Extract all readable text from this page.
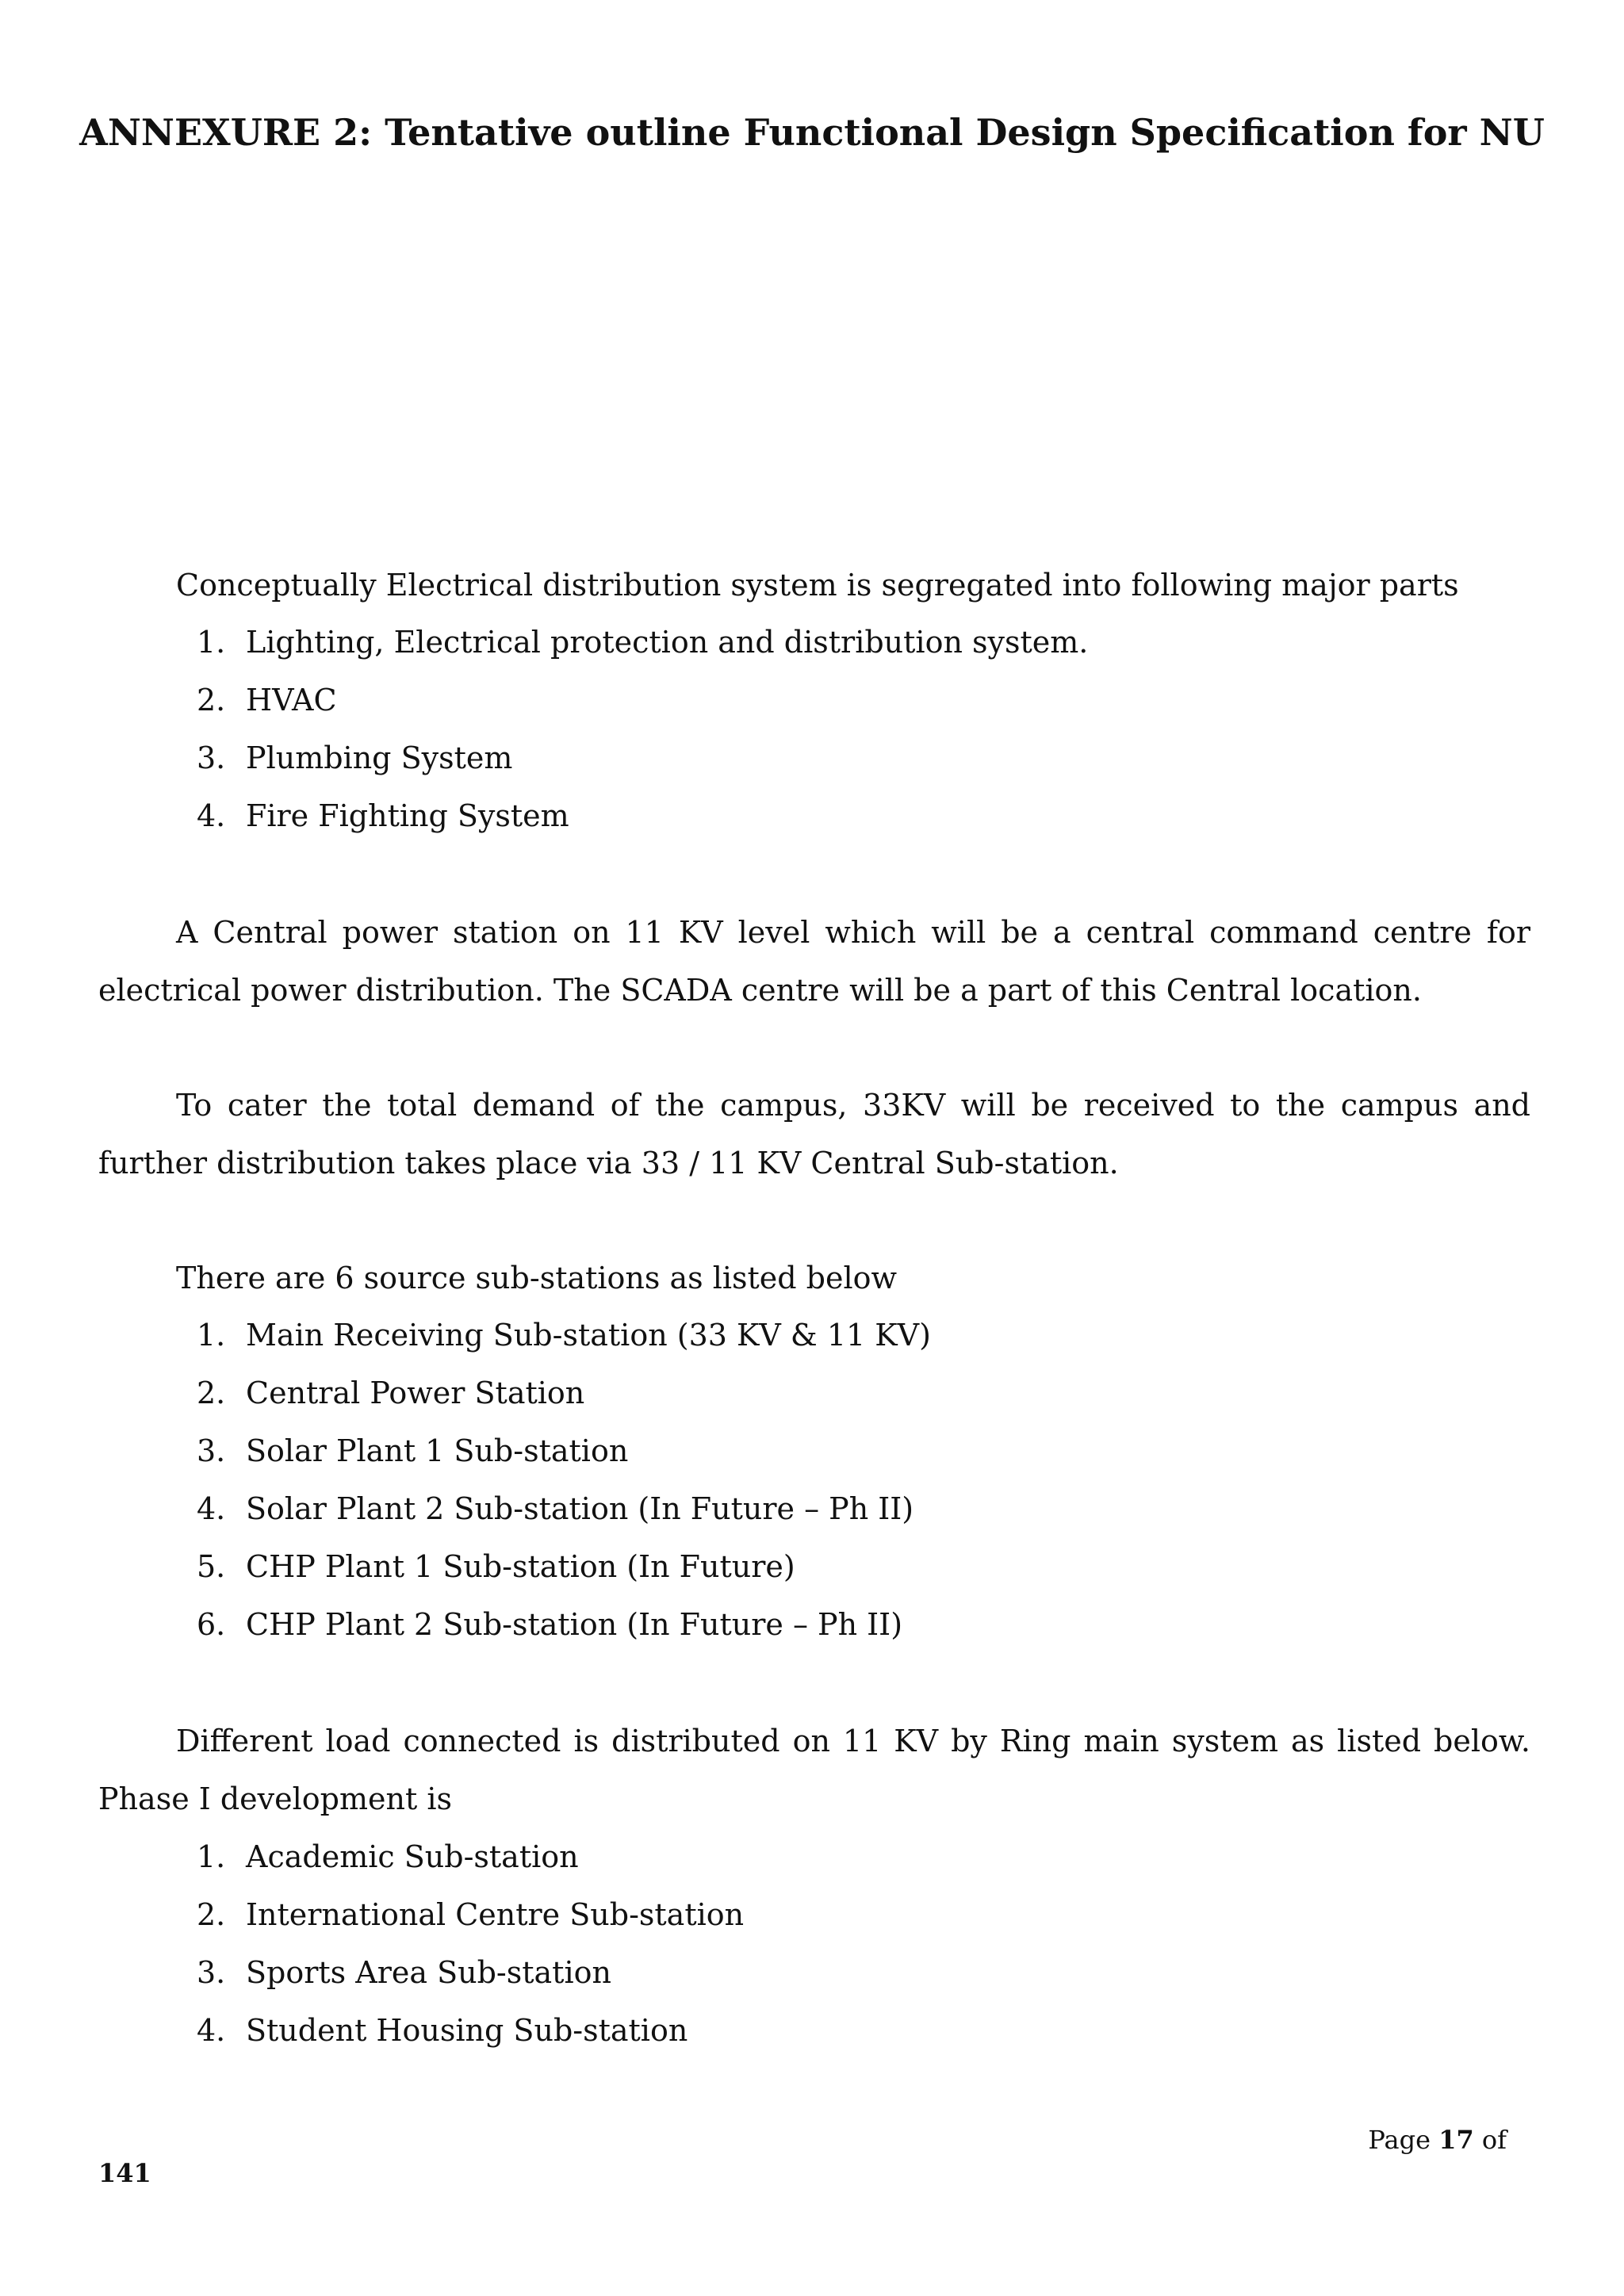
ANNEXURE 2: Tentative outline Functional Design Specification for NU

Conceptually Electrical distribution system is segregated into following major parts

1. Lighting, Electrical protection and distribution system.
2. HVAC
3. Plumbing System
4. Fire Fighting System

A Central power station on 11 KV level which will be a central command centre for electrical power distribution. The SCADA centre will be a part of this Central location.

To cater the total demand of the campus, 33KV will be received to the campus and further distribution takes place via 33 / 11 KV Central Sub-station.

There are 6 source sub-stations as listed below

1. Main Receiving Sub-station (33 KV & 11 KV)
2. Central Power Station
3. Solar Plant 1 Sub-station
4. Solar Plant 2 Sub-station (In Future – Ph II)
5. CHP Plant 1 Sub-station (In Future)
6. CHP Plant 2 Sub-station (In Future – Ph II)

Different load connected is distributed on 11 KV by Ring main system as listed below. Phase I development is

1. Academic Sub-station
2. International Centre Sub-station
3. Sports Area Sub-station
4. Student Housing Sub-station

Page 17 of

141
